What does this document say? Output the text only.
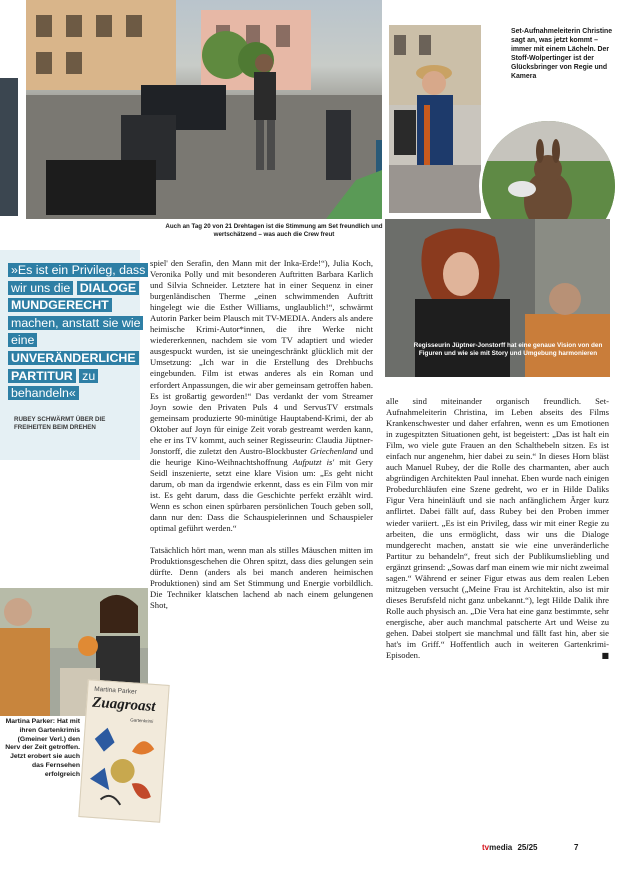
Auch an Tag 20 von 21 Drehtagen ist die Stimmung am Set freundlich und wertschätzend – was auch die Crew freut
Set-Aufnahmeleiterin Christine sagt an, was jetzt kommt – immer mit einem Lächeln. Der Stoff-Wolpertinger ist der Glücksbringer von Regie und Kamera
»Es ist ein Privileg, dass wir uns die DIALOGE MUNDGERECHT machen, anstatt sie wie eine UNVERÄNDERLICHE PARTITUR zu behandeln«
RUBEY SCHWÄRMT ÜBER DIE FREIHEITEN BEIM DREHEN
Martina Parker
Zuagroast
Gartenkrimi
Martina Parker: Hat mit ihren Gartenkrimis (Gmeiner Verl.) den Nerv der Zeit getroffen. Jetzt erobert sie auch das Fernsehen erfolgreich

spiel' den Serafin, den Mann mit der Inka-Erde!“), Julia Koch, Veronika Polly und mit besonderen Auftritten Barbara Karlich und Silvia Schneider. Letztere hat in einer Sequenz in einer burgenländischen Therme „einen schwimmenden Auftritt hingelegt wie die Esther Williams, unglaublich!“, schwärmt Autorin Parker beim Plausch mit TV-MEDIA. Anders als andere heimische Krimi-Autor*innen, die ihre Werke nicht wiedererkennen, nachdem sie vom TV adaptiert und wieder ausgespuckt wurden, ist sie uneingeschränkt glücklich mit der Umsetzung: „Ich war in die Erstellung des Drehbuchs eingebunden. Film ist etwas anderes als ein Roman und erfordert Anpassungen, die wir aber gemeinsam getroffen haben. Es ist großartig geworden!“ Das verdankt der vom Streamer Joyn sowie den Privaten Puls 4 und ServusTV erstmals gemeinsam produzierte 90-minütige Hauptabend-Krimi, der ab Oktober auf Joyn für einige Zeit vorab gestreamt werden kann, ehe er ins TV kommt, auch seiner Regisseurin: Claudia Jüptner-Jonstorff, die zuletzt den Austro-Blockbuster Griechenland und die heurige Kino-Weihnachtshoffnung Aufputzt is' mit Gery Seidl inszenierte, setzt eine klare Vision um: „Es geht nicht darum, ob man da irgendwie erkennt, dass es ein Film von mir ist. Es geht darum, dass die Geschichte perfekt erzählt wird. Wenn es schon einen spürbaren persönlichen Touch geben soll, dann nur den: Dass die Schauspielerinnen und Schauspieler optimal geführt werden.“

Tatsächlich hört man, wenn man als stilles Mäuschen mitten im Produktionsgeschehen die Ohren spitzt, dass dies gelungen sein dürfte. Denn (anders als bei manch anderen heimischen Produktionen) sind am Set Stimmung und Energie vorbildlich. Die Techniker klatschen lachend ab nach einem gelungenen Shot,

Regisseurin Jüptner-Jonstorff hat eine genaue Vision von den Figuren und wie sie mit Story und Umgebung harmonieren

alle sind miteinander organisch freundlich. Set-Aufnahmeleiterin Christina, im Leben abseits des Films Krankenschwester und daher erfahren, wenn es um Emotionen in zugespitzten Situationen geht, ist begeistert: „Das ist halt ein Film, wo viele gute Frauen an den Schalthebeln sitzen. Es ist einfach nur angenehm, hier dabei zu sein.“ In dieses Horn bläst auch Manuel Rubey, der die Rolle des charmanten, aber auch abgründigen Architekten Paul innehat. Eben wurde nach einigen Probedurchläufen eine Szene gedreht, wo er in Hilde Daliks Figur Vera hineinläuft und sie nach anfänglichem Ärger kurz anflirtet. Dabei fällt auf, dass Rubey bei den Proben immer wieder variiert. „Es ist ein Privileg, dass wir mit einer Regie zu arbeiten, die uns ermöglicht, dass wir uns die Dialoge mundgerecht machen, anstatt sie wie eine unveränderliche Partitur zu behandeln“, freut sich der Publikumsliebling und ergänzt grinsend: „Sowas darf man einem wie mir nicht zweimal sagen.“ Während er seiner Figur etwas aus dem realen Leben mitzugeben versucht („Meine Frau ist Architektin, also ist mir dieses Berufsfeld nicht ganz unbekannt.“), legt Hilde Dalik ihre Rolle auch physisch an. „Die Vera hat eine ganz bestimmte, sehr energische, aber auch manchmal patscherte Art und Weise zu gehen. Dabei stolpert sie manchmal und fällt fast hin, aber sie hat's im Griff.“ Hoffentlich auch in weiteren Gartenkrimi-Episoden.	■

tvmedia 25/25	7
